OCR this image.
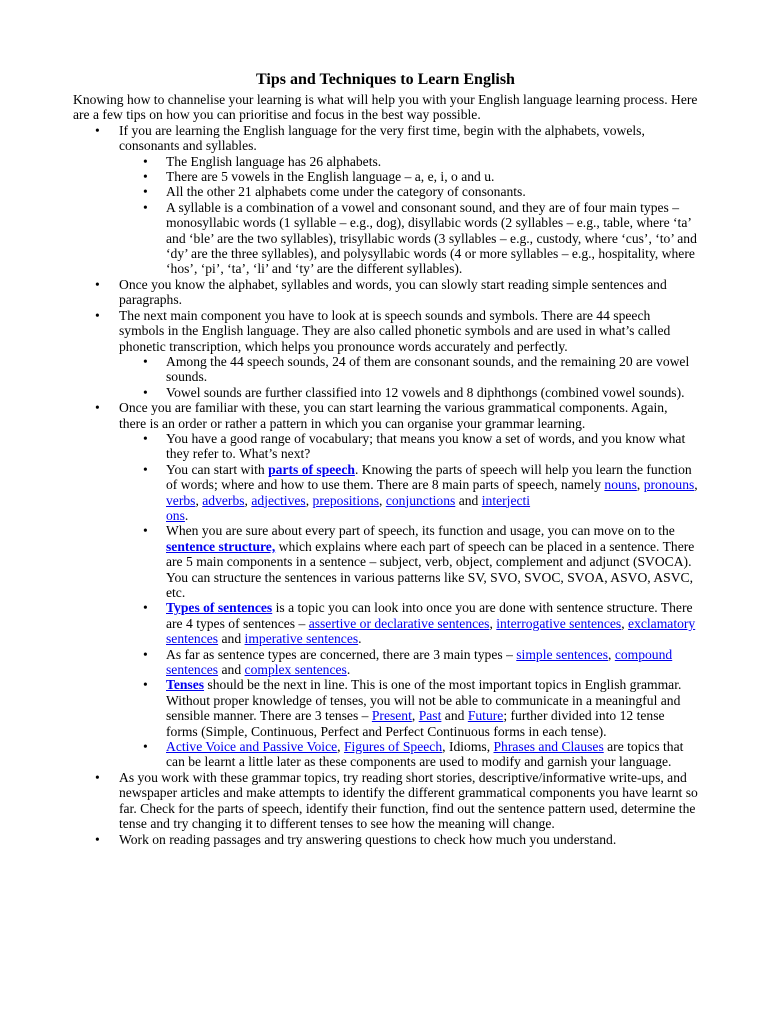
Tips and Techniques to Learn English

Knowing how to channelise your learning is what will help you with your English language learning process. Here are a few tips on how you can prioritise and focus in the best way possible.

• If you are learning the English language for the very first time, begin with the alphabets, vowels, consonants and syllables.
• The English language has 26 alphabets.
• There are 5 vowels in the English language – a, e, i, o and u.
• All the other 21 alphabets come under the category of consonants.
• A syllable is a combination of a vowel and consonant sound, and they are of four main types – monosyllabic words (1 syllable – e.g., dog), disyllabic words (2 syllables – e.g., table, where ‘ta’ and ‘ble’ are the two syllables), trisyllabic words (3 syllables – e.g., custody, where ‘cus’, ‘to’ and ‘dy’ are the three syllables), and polysyllabic words (4 or more syllables – e.g., hospitality, where ‘hos’, ‘pi’, ‘ta’, ‘li’ and ‘ty’ are the different syllables).
• Once you know the alphabet, syllables and words, you can slowly start reading simple sentences and paragraphs.
• The next main component you have to look at is speech sounds and symbols. There are 44 speech symbols in the English language. They are also called phonetic symbols and are used in what’s called phonetic transcription, which helps you pronounce words accurately and perfectly.
• Among the 44 speech sounds, 24 of them are consonant sounds, and the remaining 20 are vowel sounds.
• Vowel sounds are further classified into 12 vowels and 8 diphthongs (combined vowel sounds).
• Once you are familiar with these, you can start learning the various grammatical components. Again, there is an order or rather a pattern in which you can organise your grammar learning.
• You have a good range of vocabulary; that means you know a set of words, and you know what they refer to. What’s next?
• You can start with parts of speech. Knowing the parts of speech will help you learn the function of words; where and how to use them. There are 8 main parts of speech, namely nouns, pronouns, verbs, adverbs, adjectives, prepositions, conjunctions and interjecti
ons.
• When you are sure about every part of speech, its function and usage, you can move on to the sentence structure, which explains where each part of speech can be placed in a sentence. There are 5 main components in a sentence – subject, verb, object, complement and adjunct (SVOCA). You can structure the sentences in various patterns like SV, SVO, SVOC, SVOA, ASVO, ASVC, etc.
• Types of sentences is a topic you can look into once you are done with sentence structure. There are 4 types of sentences – assertive or declarative sentences, interrogative sentences, exclamatory sentences and imperative sentences.
• As far as sentence types are concerned, there are 3 main types – simple sentences, compound sentences and complex sentences.
• Tenses should be the next in line. This is one of the most important topics in English grammar. Without proper knowledge of tenses, you will not be able to communicate in a meaningful and sensible manner. There are 3 tenses – Present, Past and Future; further divided into 12 tense forms (Simple, Continuous, Perfect and Perfect Continuous forms in each tense).
• Active Voice and Passive Voice, Figures of Speech, Idioms, Phrases and Clauses are topics that can be learnt a little later as these components are used to modify and garnish your language.
• As you work with these grammar topics, try reading short stories, descriptive/informative write-ups, and newspaper articles and make attempts to identify the different grammatical components you have learnt so far. Check for the parts of speech, identify their function, find out the sentence pattern used, determine the tense and try changing it to different tenses to see how the meaning will change.
• Work on reading passages and try answering questions to check how much you understand.
